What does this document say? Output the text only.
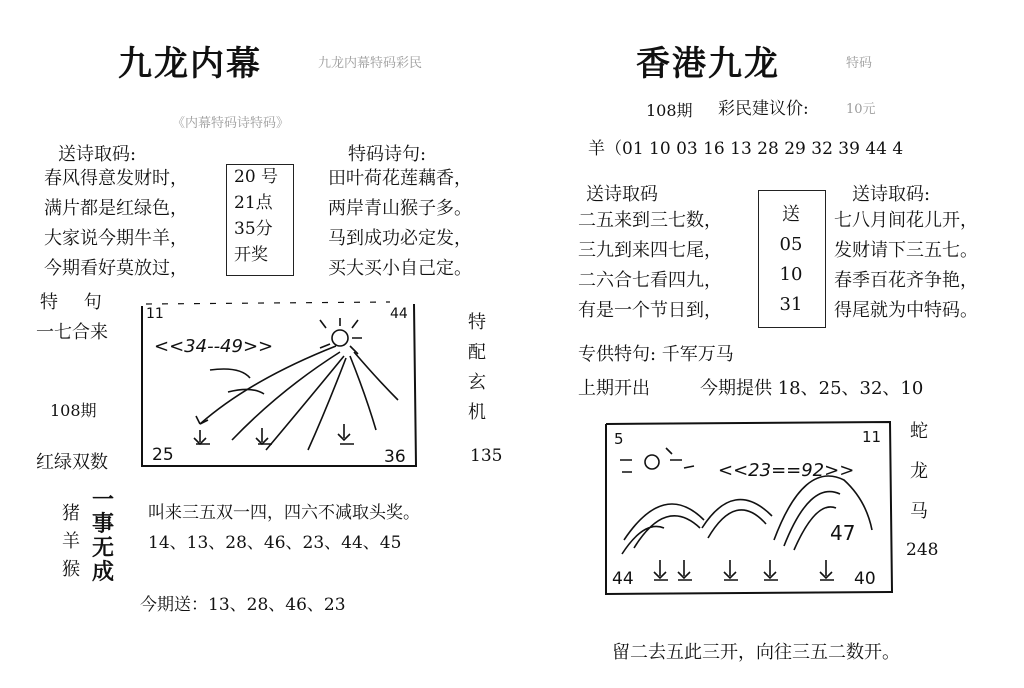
九龙内幕	九龙内幕特码彩民
《内幕特码诗特码》
送诗取码:	特码诗句:
春风得意发财时，
满片都是红绿色，
大家说今期牛羊，
今期看好莫放过，
20 号
21点
35分
开奖
田叶荷花莲藕香，
两岸青山猴子多。
马到成功必定发，
买大买小自己定。
特 句
一七合来
108期
红绿双数
11	44
25	36
<<34--49>>
特
配
玄
机
135
猪
羊
猴
一
事
无
成
叫来三五双一四，四六不减取头奖。
14、13、28、46、23、44、45
今期送：13、28、46、23
香港九龙	特码
108期 彩民建议价:	10元
羊（01 10 03 16 13 28 29 32 39 44 4
送诗取码	送诗取码:
二五来到三七数，
三九到来四七尾，
二六合七看四九，
有是一个节日到，
送
05
10
31
七八月间花儿开，
发财请下三五七。
春季百花齐争艳，
得尾就为中特码。
专供特句: 千军万马
上期开出	今期提供 18、25、32、10
5	11
47
44	40
<<23==92>>
蛇
龙
马
248
留二去五此三开，向往三五二数开。
